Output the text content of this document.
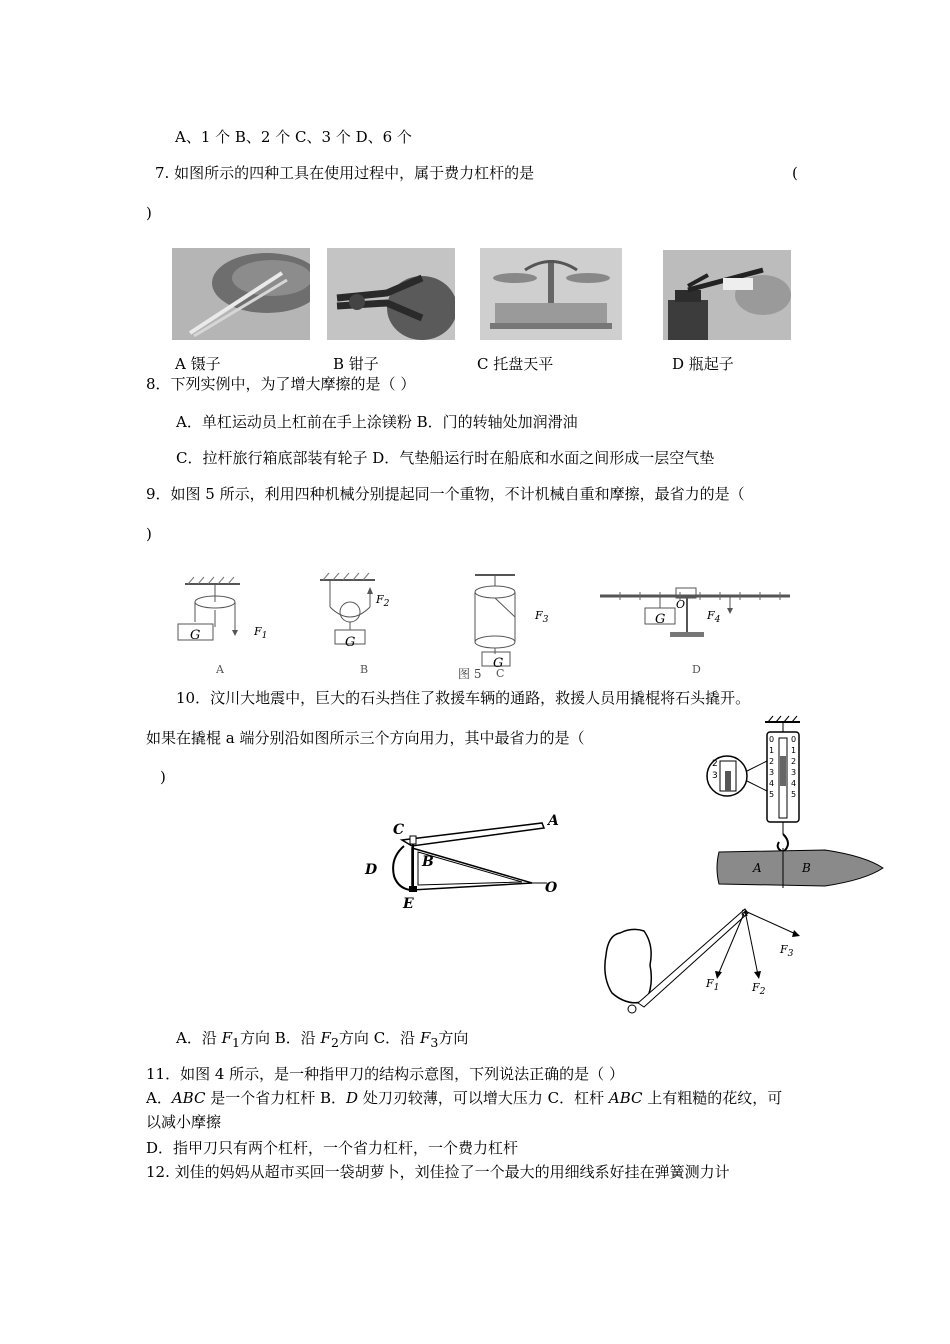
A、1 个 B、2 个 C、3 个 D、6 个
7. 如图所示的四种工具在使用过程中，属于费力杠杆的是	(
)
A 镊子	B 钳子	C 托盘天平	D 瓶起子
8．下列实例中，为了增大摩擦的是（ ）
A．单杠运动员上杠前在手上涂镁粉 B．门的转轴处加润滑油
C．拉杆旅行箱底部装有轮子 D．气垫船运行时在船底和水面之间形成一层空气垫
9．如图 5 所示，利用四种机械分别提起同一个重物，不计机械自重和摩擦，最省力的是（
)
G	G
G
G
$F_1$
$F_2$
$F_3$	$F_4$
O
A	B	C	D
图 5
10．汶川大地震中，巨大的石头挡住了救援车辆的通路，救援人员用撬棍将石头撬开。
如果在撬棍 a 端分别沿如图所示三个方向用力，其中最省力的是（
)
0
1
2
3
4
5
0
1
2
3
4
5
2
3
A	B
C
A
B
D
O
E	a
$F_1$	$F_2$
$F_3$
A．沿 $F_1$方向 B．沿 $F_2$方向 C．沿 $F_3$方向
11．如图 4 所示，是一种指甲刀的结构示意图，下列说法正确的是（ ）
A．ABC 是一个省力杠杆 B．D 处刀刃较薄，可以增大压力 C．杠杆 ABC 上有粗糙的花纹，可
以减小摩擦
D．指甲刀只有两个杠杆，一个省力杠杆，一个费力杠杆
12. 刘佳的妈妈从超市买回一袋胡萝卜，刘佳捡了一个最大的用细线系好挂在弹簧测力计
